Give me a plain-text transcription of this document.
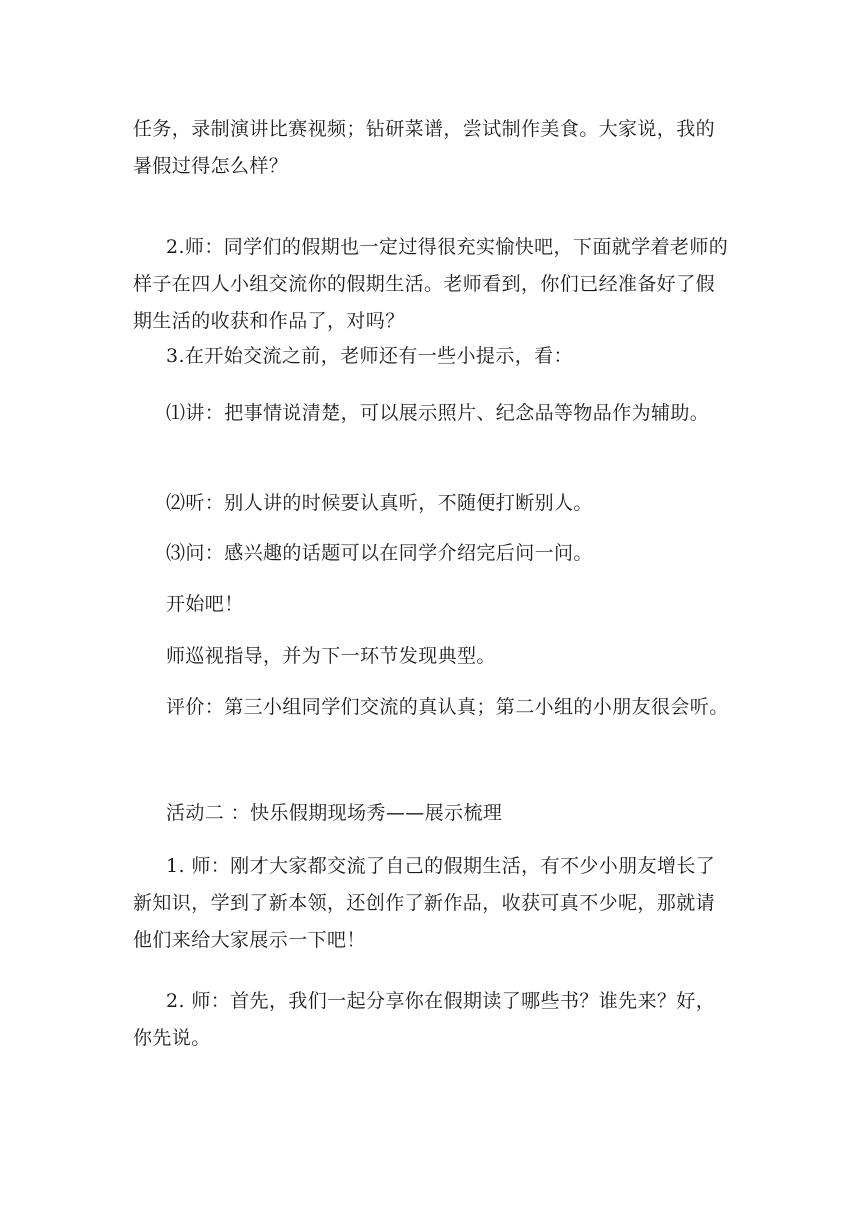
任务，录制演讲比赛视频；钻研菜谱，尝试制作美食。大家说，我的暑假过得怎么样？

2.师：同学们的假期也一定过得很充实愉快吧，下面就学着老师的样子在四人小组交流你的假期生活。老师看到，你们已经准备好了假期生活的收获和作品了，对吗？

3.在开始交流之前，老师还有一些小提示，看：

⑴讲：把事情说清楚，可以展示照片、纪念品等物品作为辅助。

⑵听：别人讲的时候要认真听，不随便打断别人。

⑶问：感兴趣的话题可以在同学介绍完后问一问。

开始吧！

师巡视指导，并为下一环节发现典型。

评价：第三小组同学们交流的真认真；第二小组的小朋友很会听。

活动二 ：快乐假期现场秀——展示梳理

1. 师：刚才大家都交流了自己的假期生活，有不少小朋友增长了新知识，学到了新本领，还创作了新作品，收获可真不少呢，那就请他们来给大家展示一下吧！

2. 师：首先，我们一起分享你在假期读了哪些书？谁先来？好，你先说。
